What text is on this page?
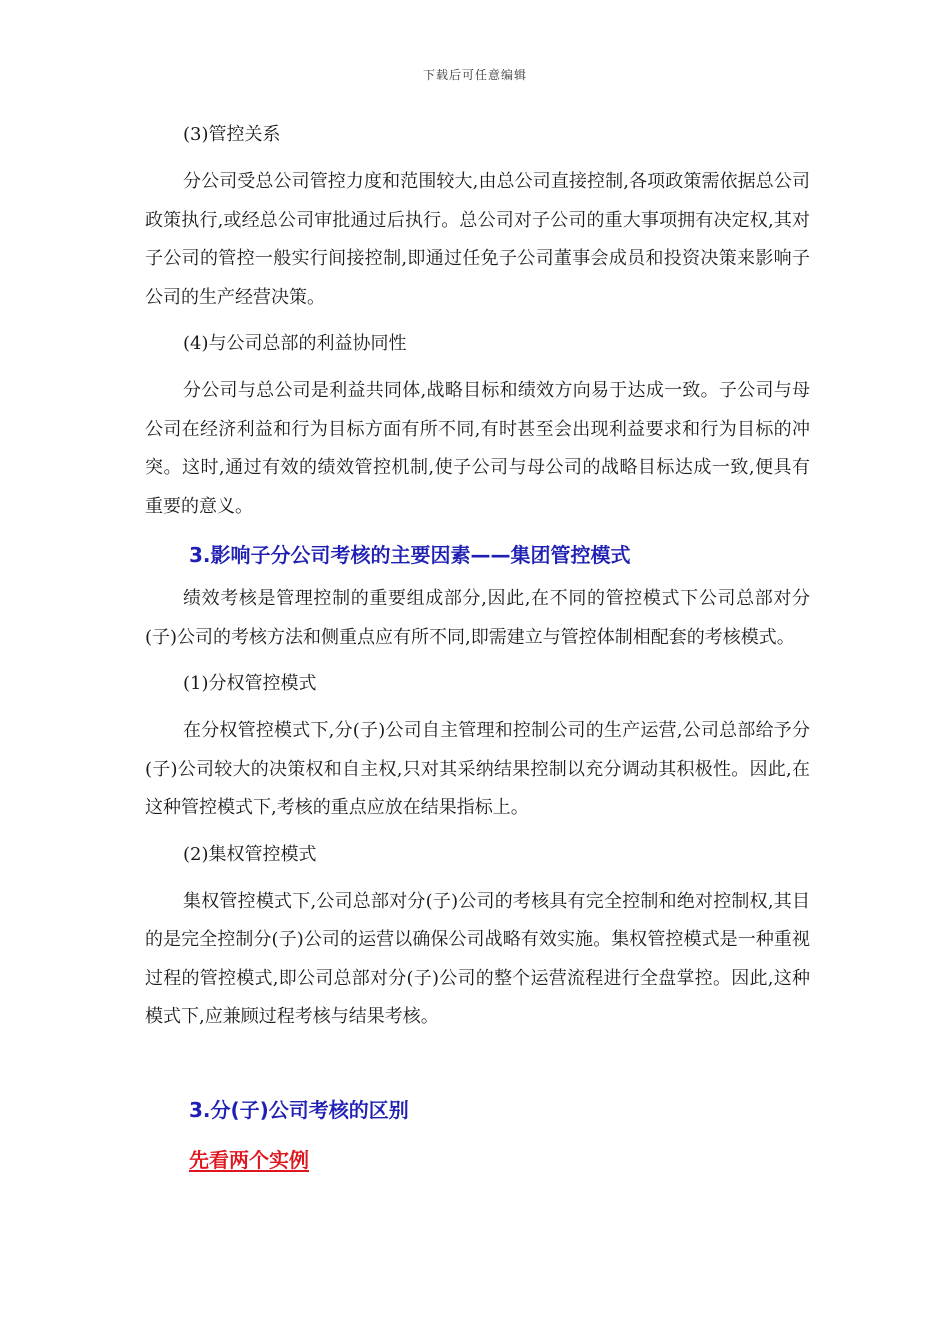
下载后可任意编辑

(3)管控关系

分公司受总公司管控力度和范围较大,由总公司直接控制,各项政策需依据总公司政策执行,或经总公司审批通过后执行。总公司对子公司的重大事项拥有决定权,其对子公司的管控一般实行间接控制,即通过任免子公司董事会成员和投资决策来影响子公司的生产经营决策。

(4)与公司总部的利益协同性

分公司与总公司是利益共同体,战略目标和绩效方向易于达成一致。子公司与母公司在经济利益和行为目标方面有所不同,有时甚至会出现利益要求和行为目标的冲突。这时,通过有效的绩效管控机制,使子公司与母公司的战略目标达成一致,便具有重要的意义。

3.影响子分公司考核的主要因素——集团管控模式

绩效考核是管理控制的重要组成部分,因此,在不同的管控模式下公司总部对分(子)公司的考核方法和侧重点应有所不同,即需建立与管控体制相配套的考核模式。

(1)分权管控模式

在分权管控模式下,分(子)公司自主管理和控制公司的生产运营,公司总部给予分(子)公司较大的决策权和自主权,只对其采纳结果控制以充分调动其积极性。因此,在这种管控模式下,考核的重点应放在结果指标上。

(2)集权管控模式

集权管控模式下,公司总部对分(子)公司的考核具有完全控制和绝对控制权,其目的是完全控制分(子)公司的运营以确保公司战略有效实施。集权管控模式是一种重视过程的管控模式,即公司总部对分(子)公司的整个运营流程进行全盘掌控。因此,这种模式下,应兼顾过程考核与结果考核。

3.分(子)公司考核的区别

先看两个实例
